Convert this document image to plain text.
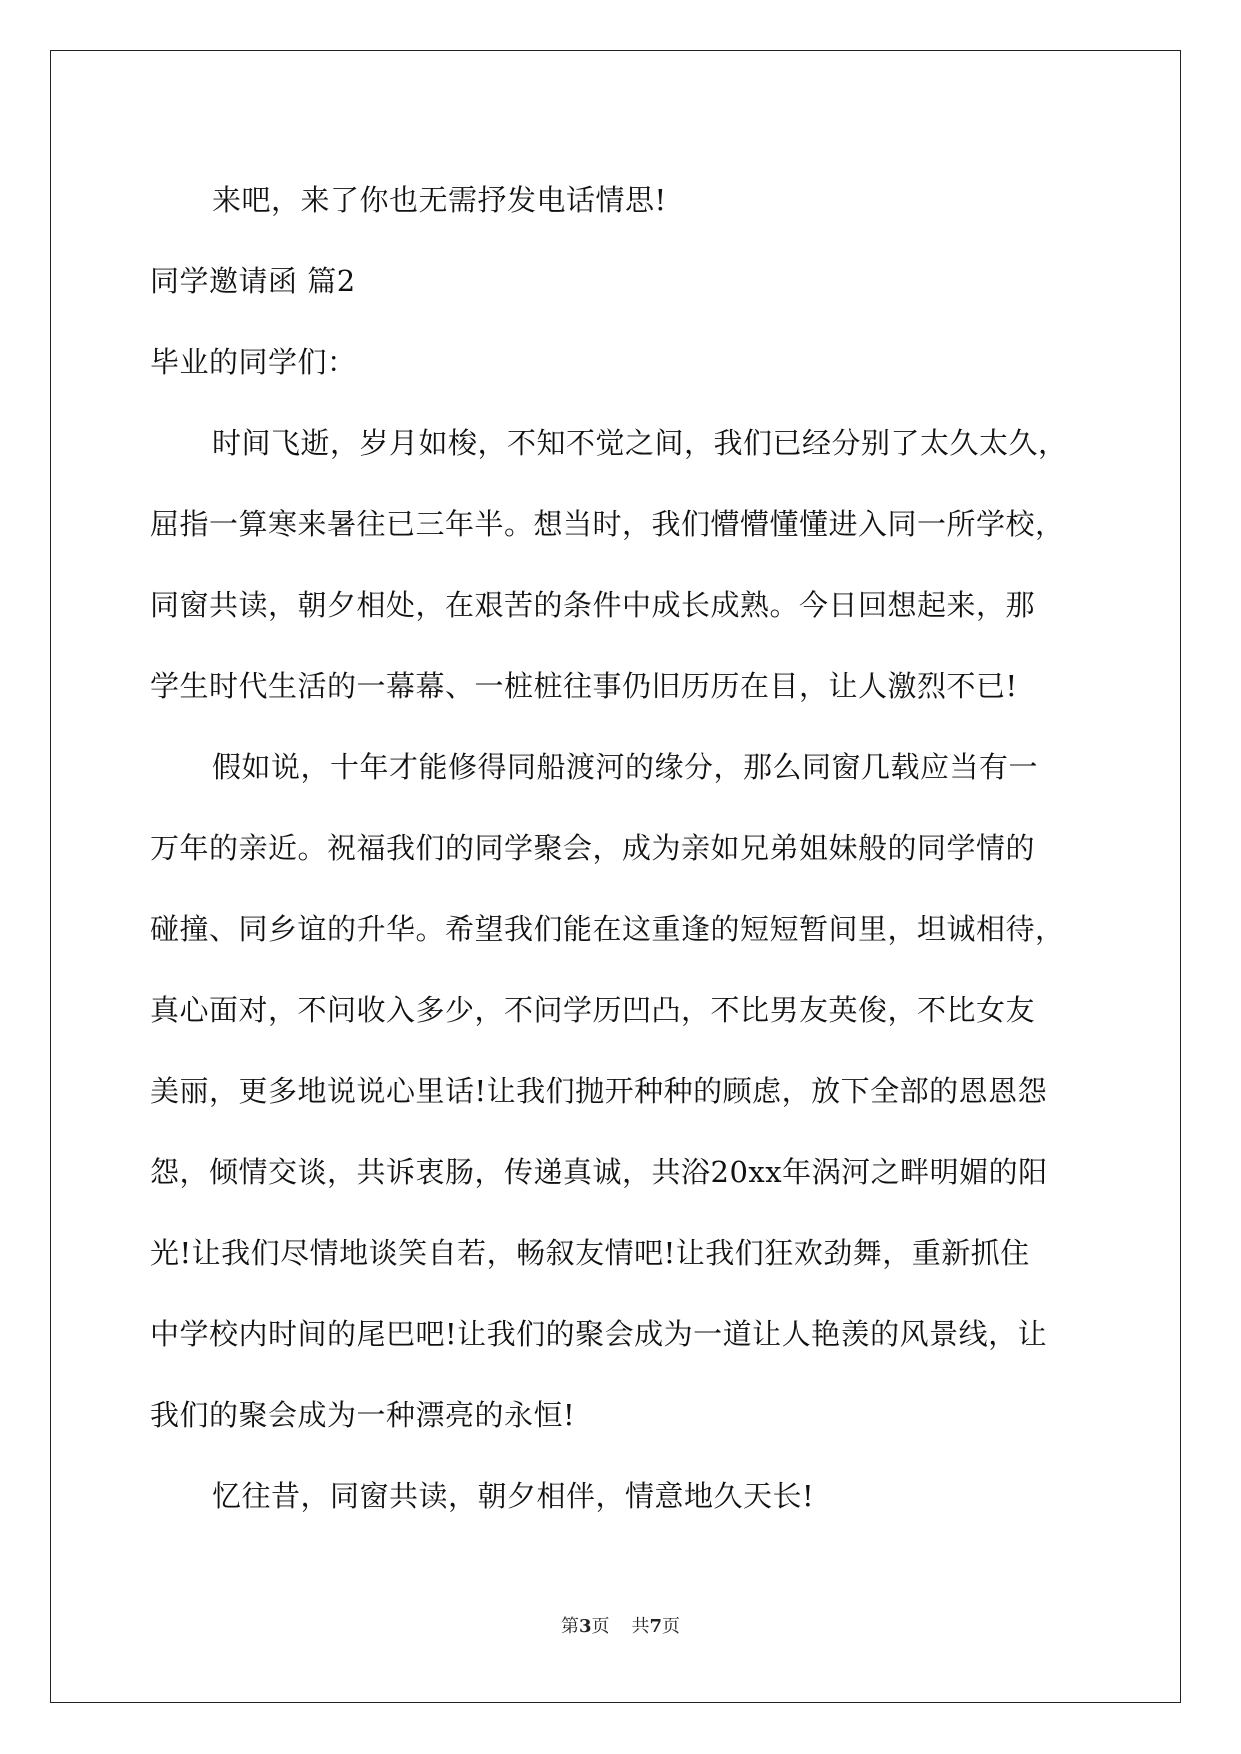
来吧，来了你也无需抒发电话情思!
同学邀请函 篇2
毕业的同学们：
时间飞逝，岁月如梭，不知不觉之间，我们已经分别了太久太久，
屈指一算寒来暑往已三年半。想当时，我们懵懵懂懂进入同一所学校，
同窗共读，朝夕相处，在艰苦的条件中成长成熟。今日回想起来，那
学生时代生活的一幕幕、一桩桩往事仍旧历历在目，让人激烈不已!
假如说，十年才能修得同船渡河的缘分，那么同窗几载应当有一
万年的亲近。祝福我们的同学聚会，成为亲如兄弟姐妹般的同学情的
碰撞、同乡谊的升华。希望我们能在这重逢的短短暂间里，坦诚相待，
真心面对，不问收入多少，不问学历凹凸，不比男友英俊，不比女友
美丽，更多地说说心里话!让我们抛开种种的顾虑，放下全部的恩恩怨
怨，倾情交谈，共诉衷肠，传递真诚，共浴20xx年涡河之畔明媚的阳
光!让我们尽情地谈笑自若，畅叙友情吧!让我们狂欢劲舞，重新抓住
中学校内时间的尾巴吧!让我们的聚会成为一道让人艳羡的风景线，让
我们的聚会成为一种漂亮的永恒!
忆往昔，同窗共读，朝夕相伴，情意地久天长!
第3页 共7页
